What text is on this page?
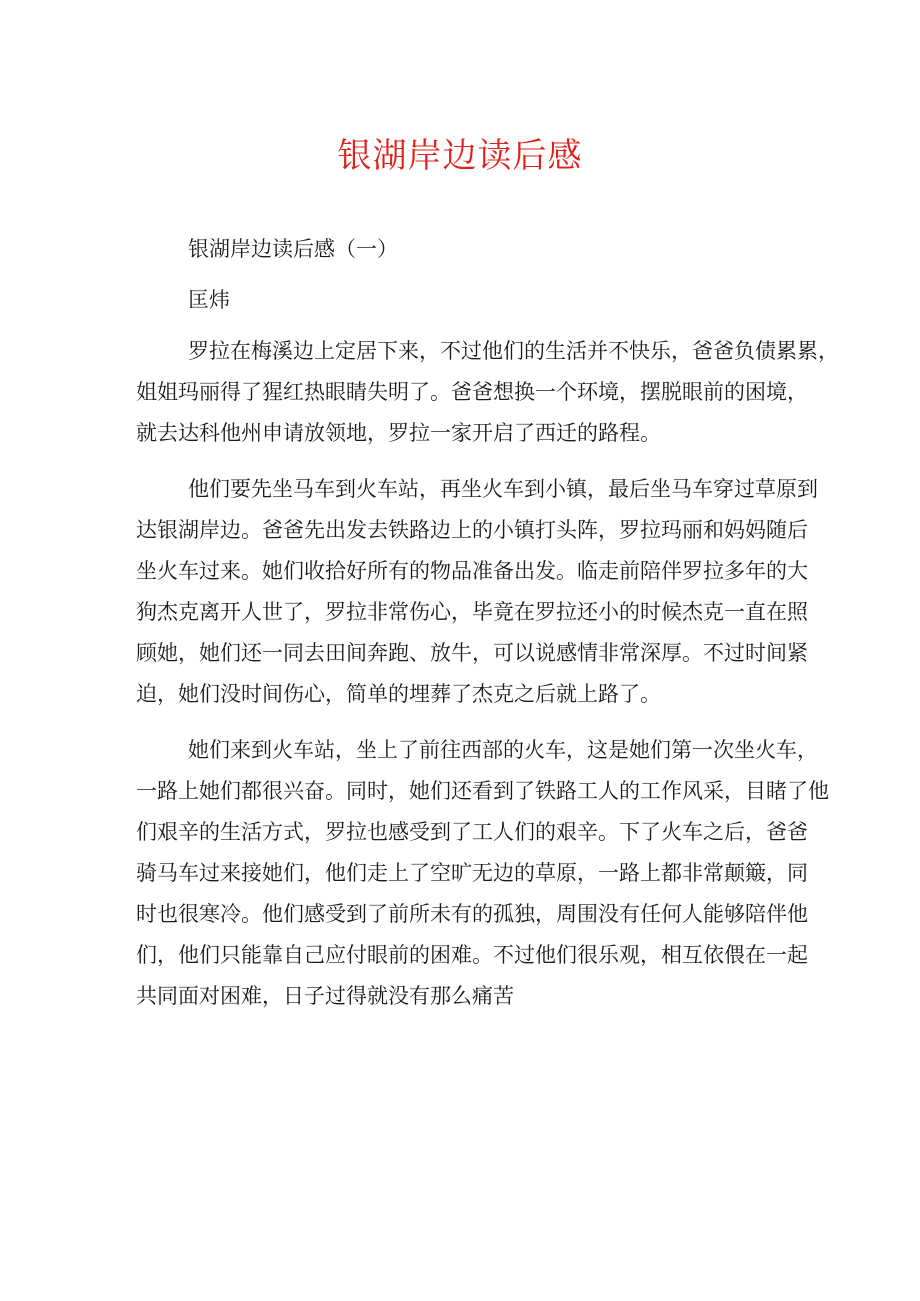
银湖岸边读后感

银湖岸边读后感（一）

匡炜

罗拉在梅溪边上定居下来，不过他们的生活并不快乐，爸爸负债累累，

姐姐玛丽得了猩红热眼睛失明了。爸爸想换一个环境，摆脱眼前的困境，

就去达科他州申请放领地，罗拉一家开启了西迁的路程。

他们要先坐马车到火车站，再坐火车到小镇，最后坐马车穿过草原到

达银湖岸边。爸爸先出发去铁路边上的小镇打头阵，罗拉玛丽和妈妈随后

坐火车过来。她们收拾好所有的物品准备出发。临走前陪伴罗拉多年的大

狗杰克离开人世了，罗拉非常伤心，毕竟在罗拉还小的时候杰克一直在照

顾她，她们还一同去田间奔跑、放牛，可以说感情非常深厚。不过时间紧

迫，她们没时间伤心，简单的埋葬了杰克之后就上路了。

她们来到火车站，坐上了前往西部的火车，这是她们第一次坐火车，

一路上她们都很兴奋。同时，她们还看到了铁路工人的工作风采，目睹了他

们艰辛的生活方式，罗拉也感受到了工人们的艰辛。下了火车之后，爸爸

骑马车过来接她们，他们走上了空旷无边的草原，一路上都非常颠簸，同

时也很寒冷。他们感受到了前所未有的孤独，周围没有任何人能够陪伴他

们，他们只能靠自己应付眼前的困难。不过他们很乐观，相互依偎在一起

共同面对困难，日子过得就没有那么痛苦
